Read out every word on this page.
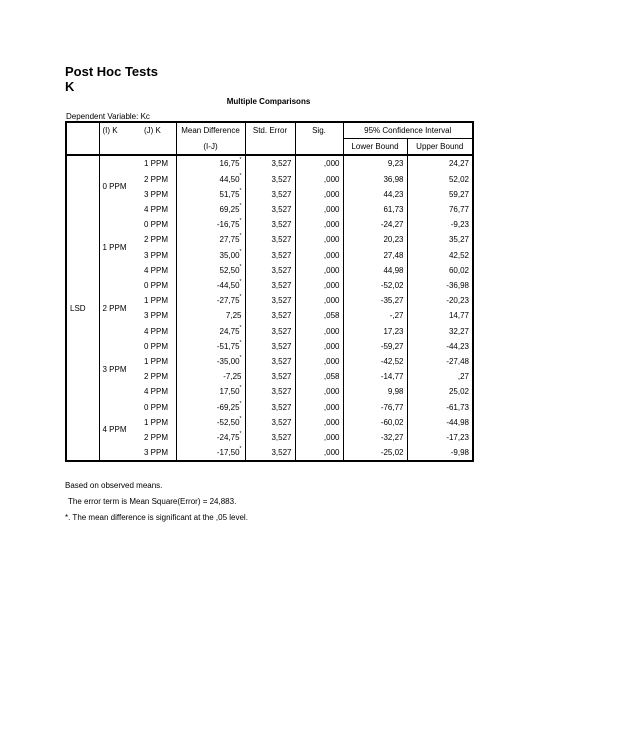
Post Hoc Tests
K
Multiple Comparisons
Dependent Variable: Kc
	(I) K	(J) K	Mean Difference	Std. Error	Sig.	95% Confidence Interval	
			(I-J)			Lower Bound	Upper Bound
LSD	0 PPM	1 PPM	16,75*	3,527	,000	9,23	24,27
		2 PPM	44,50*	3,527	,000	36,98	52,02
		3 PPM	51,75*	3,527	,000	44,23	59,27
		4 PPM	69,25*	3,527	,000	61,73	76,77
	1 PPM	0 PPM	-16,75*	3,527	,000	-24,27	-9,23
		2 PPM	27,75*	3,527	,000	20,23	35,27
		3 PPM	35,00*	3,527	,000	27,48	42,52
		4 PPM	52,50*	3,527	,000	44,98	60,02
	2 PPM	0 PPM	-44,50*	3,527	,000	-52,02	-36,98
		1 PPM	-27,75*	3,527	,000	-35,27	-20,23
		3 PPM	7,25	3,527	,058	-,27	14,77
		4 PPM	24,75*	3,527	,000	17,23	32,27
	3 PPM	0 PPM	-51,75*	3,527	,000	-59,27	-44,23
		1 PPM	-35,00*	3,527	,000	-42,52	-27,48
		2 PPM	-7,25	3,527	,058	-14,77	,27
		4 PPM	17,50*	3,527	,000	9,98	25,02
	4 PPM	0 PPM	-69,25*	3,527	,000	-76,77	-61,73
		1 PPM	-52,50*	3,527	,000	-60,02	-44,98
		2 PPM	-24,75*	3,527	,000	-32,27	-17,23
		3 PPM	-17,50*	3,527	,000	-25,02	-9,98
Based on observed means.
The error term is Mean Square(Error) = 24,883.
*. The mean difference is significant at the ,05 level.
